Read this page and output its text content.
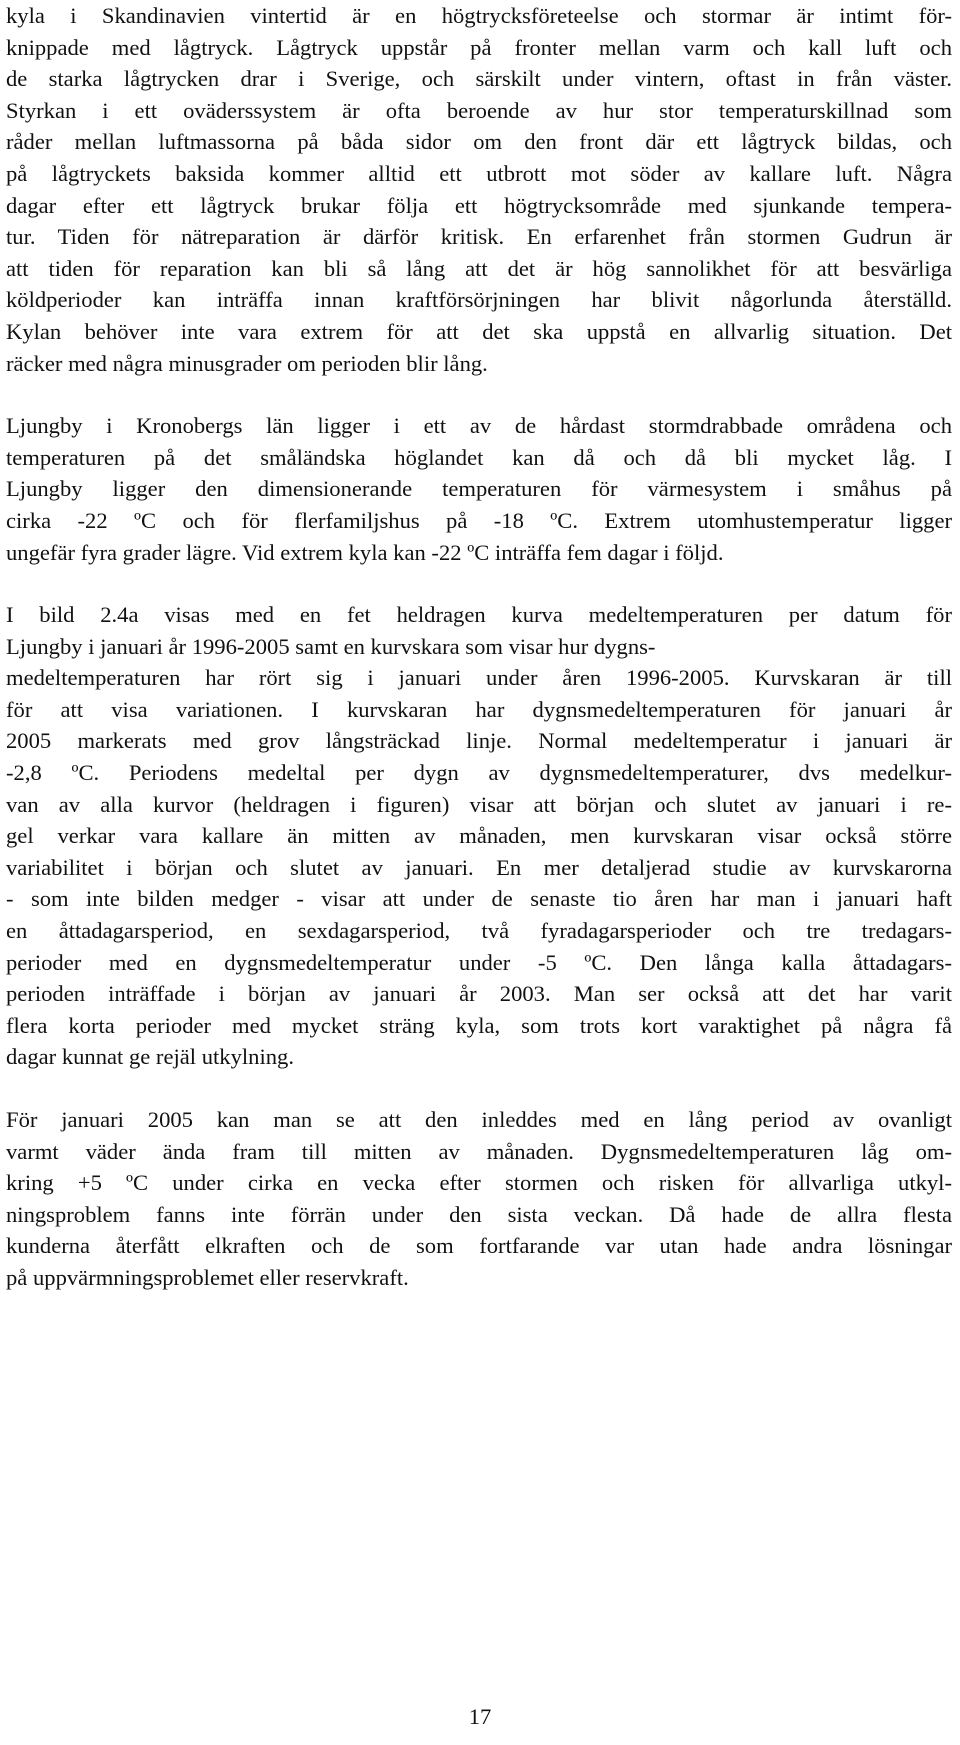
kyla i Skandinavien vintertid är en högtrycksföreteelse och stormar är intimt för-
knippade med lågtryck. Lågtryck uppstår på fronter mellan varm och kall luft och
de starka lågtrycken drar i Sverige, och särskilt under vintern, oftast in från väster.
Styrkan i ett oväderssystem är ofta beroende av hur stor temperaturskillnad som
råder mellan luftmassorna på båda sidor om den front där ett lågtryck bildas, och
på lågtryckets baksida kommer alltid ett utbrott mot söder av kallare luft. Några
dagar efter ett lågtryck brukar följa ett högtrycksområde med sjunkande tempera-
tur. Tiden för nätreparation är därför kritisk. En erfarenhet från stormen Gudrun är
att tiden för reparation kan bli så lång att det är hög sannolikhet för att besvärliga
köldperioder kan inträffa innan kraftförsörjningen har blivit någorlunda återställd.
Kylan behöver inte vara extrem för att det ska uppstå en allvarlig situation. Det
räcker med några minusgrader om perioden blir lång.

Ljungby i Kronobergs län ligger i ett av de hårdast stormdrabbade områdena och
temperaturen på det småländska höglandet kan då och då bli mycket låg. I
Ljungby ligger den dimensionerande temperaturen för värmesystem i småhus på
cirka -22 ºC och för flerfamiljshus på -18 ºC. Extrem utomhustemperatur ligger
ungefär fyra grader lägre. Vid extrem kyla kan -22 ºC inträffa fem dagar i följd.

I bild 2.4a visas med en fet heldragen kurva medeltemperaturen per datum för
Ljungby i januari år 1996-2005 samt en kurvskara som visar hur dygns-
medeltemperaturen har rört sig i januari under åren 1996-2005. Kurvskaran är till
för att visa variationen. I kurvskaran har dygnsmedeltemperaturen för januari år
2005 markerats med grov långsträckad linje. Normal medeltemperatur i januari är
-2,8 ºC. Periodens medeltal per dygn av dygnsmedeltemperaturer, dvs medelkur-
van av alla kurvor (heldragen i figuren) visar att början och slutet av januari i re-
gel verkar vara kallare än mitten av månaden, men kurvskaran visar också större
variabilitet i början och slutet av januari. En mer detaljerad studie av kurvskarorna
- som inte bilden medger - visar att under de senaste tio åren har man i januari haft
en åttadagarsperiod, en sexdagarsperiod, två fyradagarsperioder och tre tredagars-
perioder med en dygnsmedeltemperatur under -5 ºC. Den långa kalla åttadagars-
perioden inträffade i början av januari år 2003. Man ser också att det har varit
flera korta perioder med mycket sträng kyla, som trots kort varaktighet på några få
dagar kunnat ge rejäl utkylning.

För januari 2005 kan man se att den inleddes med en lång period av ovanligt
varmt väder ända fram till mitten av månaden. Dygnsmedeltemperaturen låg om-
kring +5 ºC under cirka en vecka efter stormen och risken för allvarliga utkyl-
ningsproblem fanns inte förrän under den sista veckan. Då hade de allra flesta
kunderna återfått elkraften och de som fortfarande var utan hade andra lösningar
på uppvärmningsproblemet eller reservkraft.

17
